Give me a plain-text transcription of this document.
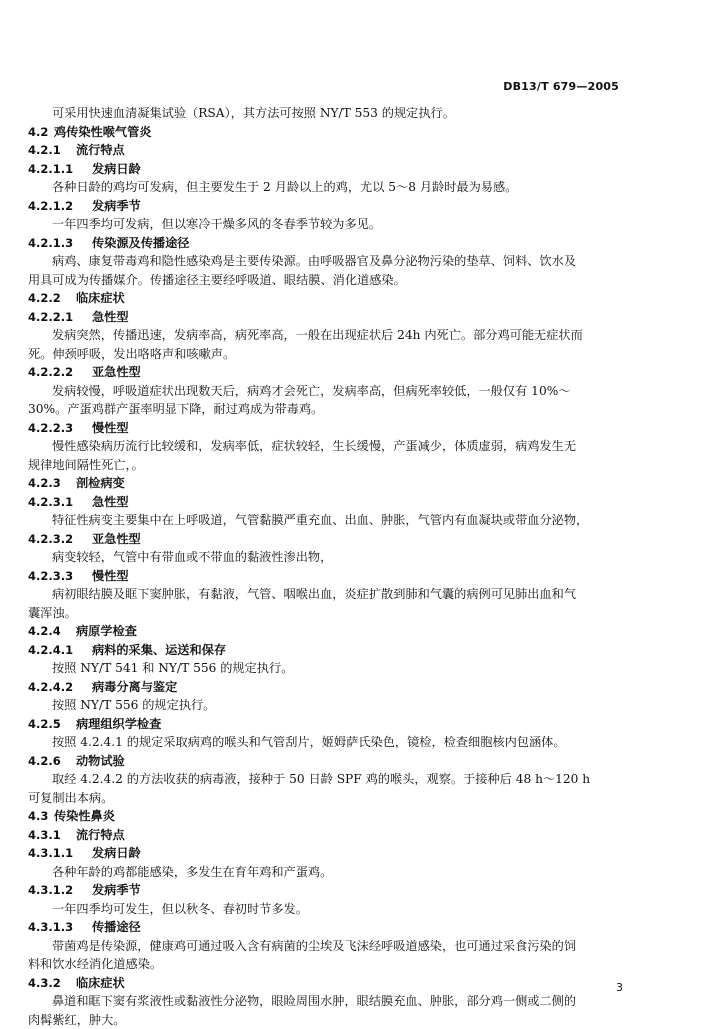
DB13/T 679—2005
可采用快速血清凝集试验（RSA），其方法可按照 NY/T 553 的规定执行。
4.2 鸡传染性喉气管炎
4.2.1 流行特点
4.2.1.1 发病日龄
各种日龄的鸡均可发病，但主要发生于 2 月龄以上的鸡，尤以 5～8 月龄时最为易感。
4.2.1.2 发病季节
一年四季均可发病，但以寒冷干燥多风的冬春季节较为多见。
4.2.1.3 传染源及传播途径
病鸡、康复带毒鸡和隐性感染鸡是主要传染源。由呼吸器官及鼻分泌物污染的垫草、饲料、饮水及
用具可成为传播媒介。传播途径主要经呼吸道、眼结膜、消化道感染。
4.2.2 临床症状
4.2.2.1 急性型
发病突然，传播迅速，发病率高，病死率高，一般在出现症状后 24h 内死亡。部分鸡可能无症状而
死。伸颈呼吸，发出咯咯声和咳嗽声。
4.2.2.2 亚急性型
发病较慢，呼吸道症状出现数天后，病鸡才会死亡，发病率高，但病死率较低，一般仅有 10%～
30%。产蛋鸡群产蛋率明显下降，耐过鸡成为带毒鸡。
4.2.2.3 慢性型
慢性感染病历流行比较缓和，发病率低，症状较轻，生长缓慢，产蛋减少，体质虚弱，病鸡发生无
规律地间隔性死亡，。
4.2.3 剖检病变
4.2.3.1 急性型
特征性病变主要集中在上呼吸道，气管黏膜严重充血、出血、肿胀，气管内有血凝块或带血分泌物，
4.2.3.2 亚急性型
病变较轻，气管中有带血或不带血的黏液性渗出物，
4.2.3.3 慢性型
病初眼结膜及眶下窦肿胀，有黏液，气管、咽喉出血，炎症扩散到肺和气囊的病例可见肺出血和气
囊浑浊。
4.2.4 病原学检查
4.2.4.1 病料的采集、运送和保存
按照 NY/T 541 和 NY/T 556 的规定执行。
4.2.4.2 病毒分离与鉴定
按照 NY/T 556 的规定执行。
4.2.5 病理组织学检查
按照 4.2.4.1 的规定采取病鸡的喉头和气管刮片，姬姆萨氏染色，镜检，检查细胞核内包涵体。
4.2.6 动物试验
取经 4.2.4.2 的方法收获的病毒液，接种于 50 日龄 SPF 鸡的喉头，观察。于接种后 48 h～120 h
可复制出本病。
4.3 传染性鼻炎
4.3.1 流行特点
4.3.1.1 发病日龄
各种年龄的鸡都能感染，多发生在育年鸡和产蛋鸡。
4.3.1.2 发病季节
一年四季均可发生，但以秋冬、春初时节多发。
4.3.1.3 传播途径
带菌鸡是传染源，健康鸡可通过吸入含有病菌的尘埃及飞沫经呼吸道感染，也可通过采食污染的饲
料和饮水经消化道感染。
4.3.2 临床症状
鼻道和眶下窦有浆液性或黏液性分泌物，眼睑周围水肿，眼结膜充血、肿胀，部分鸡一侧或二侧的
肉髯紫红，肿大。
3
